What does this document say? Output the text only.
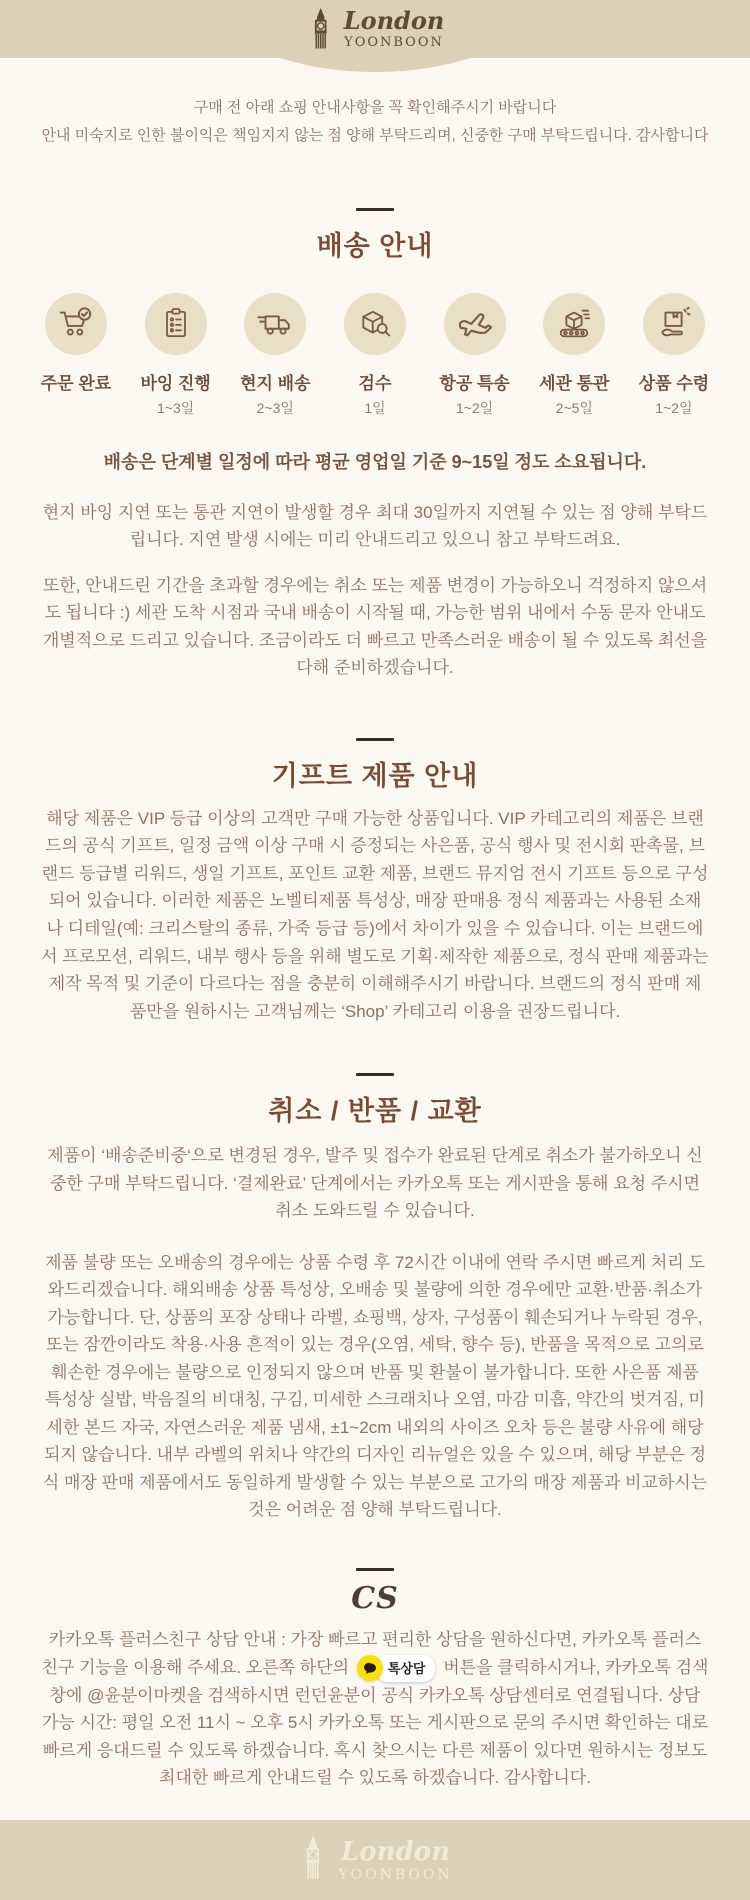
London
YOONBOON
구매 전 아래 쇼핑 안내사항을 꼭 확인해주시기 바랍니다
안내 미숙지로 인한 불이익은 책임지지 않는 점 양해 부탁드리며, 신중한 구매 부탁드립니다. 감사합니다
배송 안내
주문 완료 바잉 진행
1~3일
현지 배송
2~3일
검수
1일
항공 특송
1~2일
세관 통관
2~5일
상품 수령
1~2일
배송은 단계별 일정에 따라 평균 영업일 기준 9~15일 정도 소요됩니다.

현지 바잉 지연 또는 통관 지연이 발생할 경우 최대 30일까지 지연될 수 있는 점 양해 부탁드립니다. 지연 발생 시에는 미리 안내드리고 있으니 참고 부탁드려요.

또한, 안내드린 기간을 초과할 경우에는 취소 또는 제품 변경이 가능하오니 걱정하지 않으셔도 됩니다 :) 세관 도착 시점과 국내 배송이 시작될 때, 가능한 범위 내에서 수동 문자 안내도 개별적으로 드리고 있습니다. 조금이라도 더 빠르고 만족스러운 배송이 될 수 있도록 최선을 다해 준비하겠습니다.

기프트 제품 안내

해당 제품은 VIP 등급 이상의 고객만 구매 가능한 상품입니다. VIP 카테고리의 제품은 브랜드의 공식 기프트, 일정 금액 이상 구매 시 증정되는 사은품, 공식 행사 및 전시회 판촉물, 브랜드 등급별 리워드, 생일 기프트, 포인트 교환 제품, 브랜드 뮤지엄 전시 기프트 등으로 구성되어 있습니다. 이러한 제품은 노벨티제품 특성상, 매장 판매용 정식 제품과는 사용된 소재나 디테일(예: 크리스탈의 종류, 가죽 등급 등)에서 차이가 있을 수 있습니다. 이는 브랜드에서 프로모션, 리워드, 내부 행사 등을 위해 별도로 기획·제작한 제품으로, 정식 판매 제품과는 제작 목적 및 기준이 다르다는 점을 충분히 이해해주시기 바랍니다. 브랜드의 정식 판매 제품만을 원하시는 고객님께는 ‘Shop’ 카테고리 이용을 권장드립니다.

취소 / 반품 / 교환

제품이 ‘배송준비중‘으로 변경된 경우, 발주 및 접수가 완료된 단계로 취소가 불가하오니 신중한 구매 부탁드립니다. ‘결제완료’ 단계에서는 카카오톡 또는 게시판을 통해 요청 주시면 취소 도와드릴 수 있습니다.

제품 불량 또는 오배송의 경우에는 상품 수령 후 72시간 이내에 연락 주시면 빠르게 처리 도와드리겠습니다. 해외배송 상품 특성상, 오배송 및 불량에 의한 경우에만 교환·반품·취소가 가능합니다. 단, 상품의 포장 상태나 라벨, 쇼핑백, 상자, 구성품이 훼손되거나 누락된 경우, 또는 잠깐이라도 착용·사용 흔적이 있는 경우(오염, 세탁, 향수 등), 반품을 목적으로 고의로 훼손한 경우에는 불량으로 인정되지 않으며 반품 및 환불이 불가합니다. 또한 사은품 제품 특성상 실밥, 박음질의 비대칭, 구김, 미세한 스크래치나 오염, 마감 미흡, 약간의 벗겨짐, 미세한 본드 자국, 자연스러운 제품 냄새, ±1~2cm 내외의 사이즈 오차 등은 불량 사유에 해당되지 않습니다. 내부 라벨의 위치나 약간의 디자인 리뉴얼은 있을 수 있으며, 해당 부분은 정식 매장 판매 제품에서도 동일하게 발생할 수 있는 부분으로 고가의 매장 제품과 비교하시는 것은 어려운 점 양해 부탁드립니다.

CS

카카오톡 플러스친구 상담 안내 : 가장 빠르고 편리한 상담을 원하신다면, 카카오톡 플러스친구 기능을 이용해 주세요. 오른쪽 하단의	톡상담	버튼을 클릭하시거나, 카카오톡 검색창에 @윤분이마켓을 검색하시면 런던윤분이 공식 카카오톡 상담센터로 연결됩니다. 상담 가능 시간: 평일 오전 11시 ~ 오후 5시 카카오톡 또는 게시판으로 문의 주시면 확인하는 대로 빠르게 응대드릴 수 있도록 하겠습니다. 혹시 찾으시는 다른 제품이 있다면 원하시는 정보도 최대한 빠르게 안내드릴 수 있도록 하겠습니다. 감사합니다.

London
YOONBOON
